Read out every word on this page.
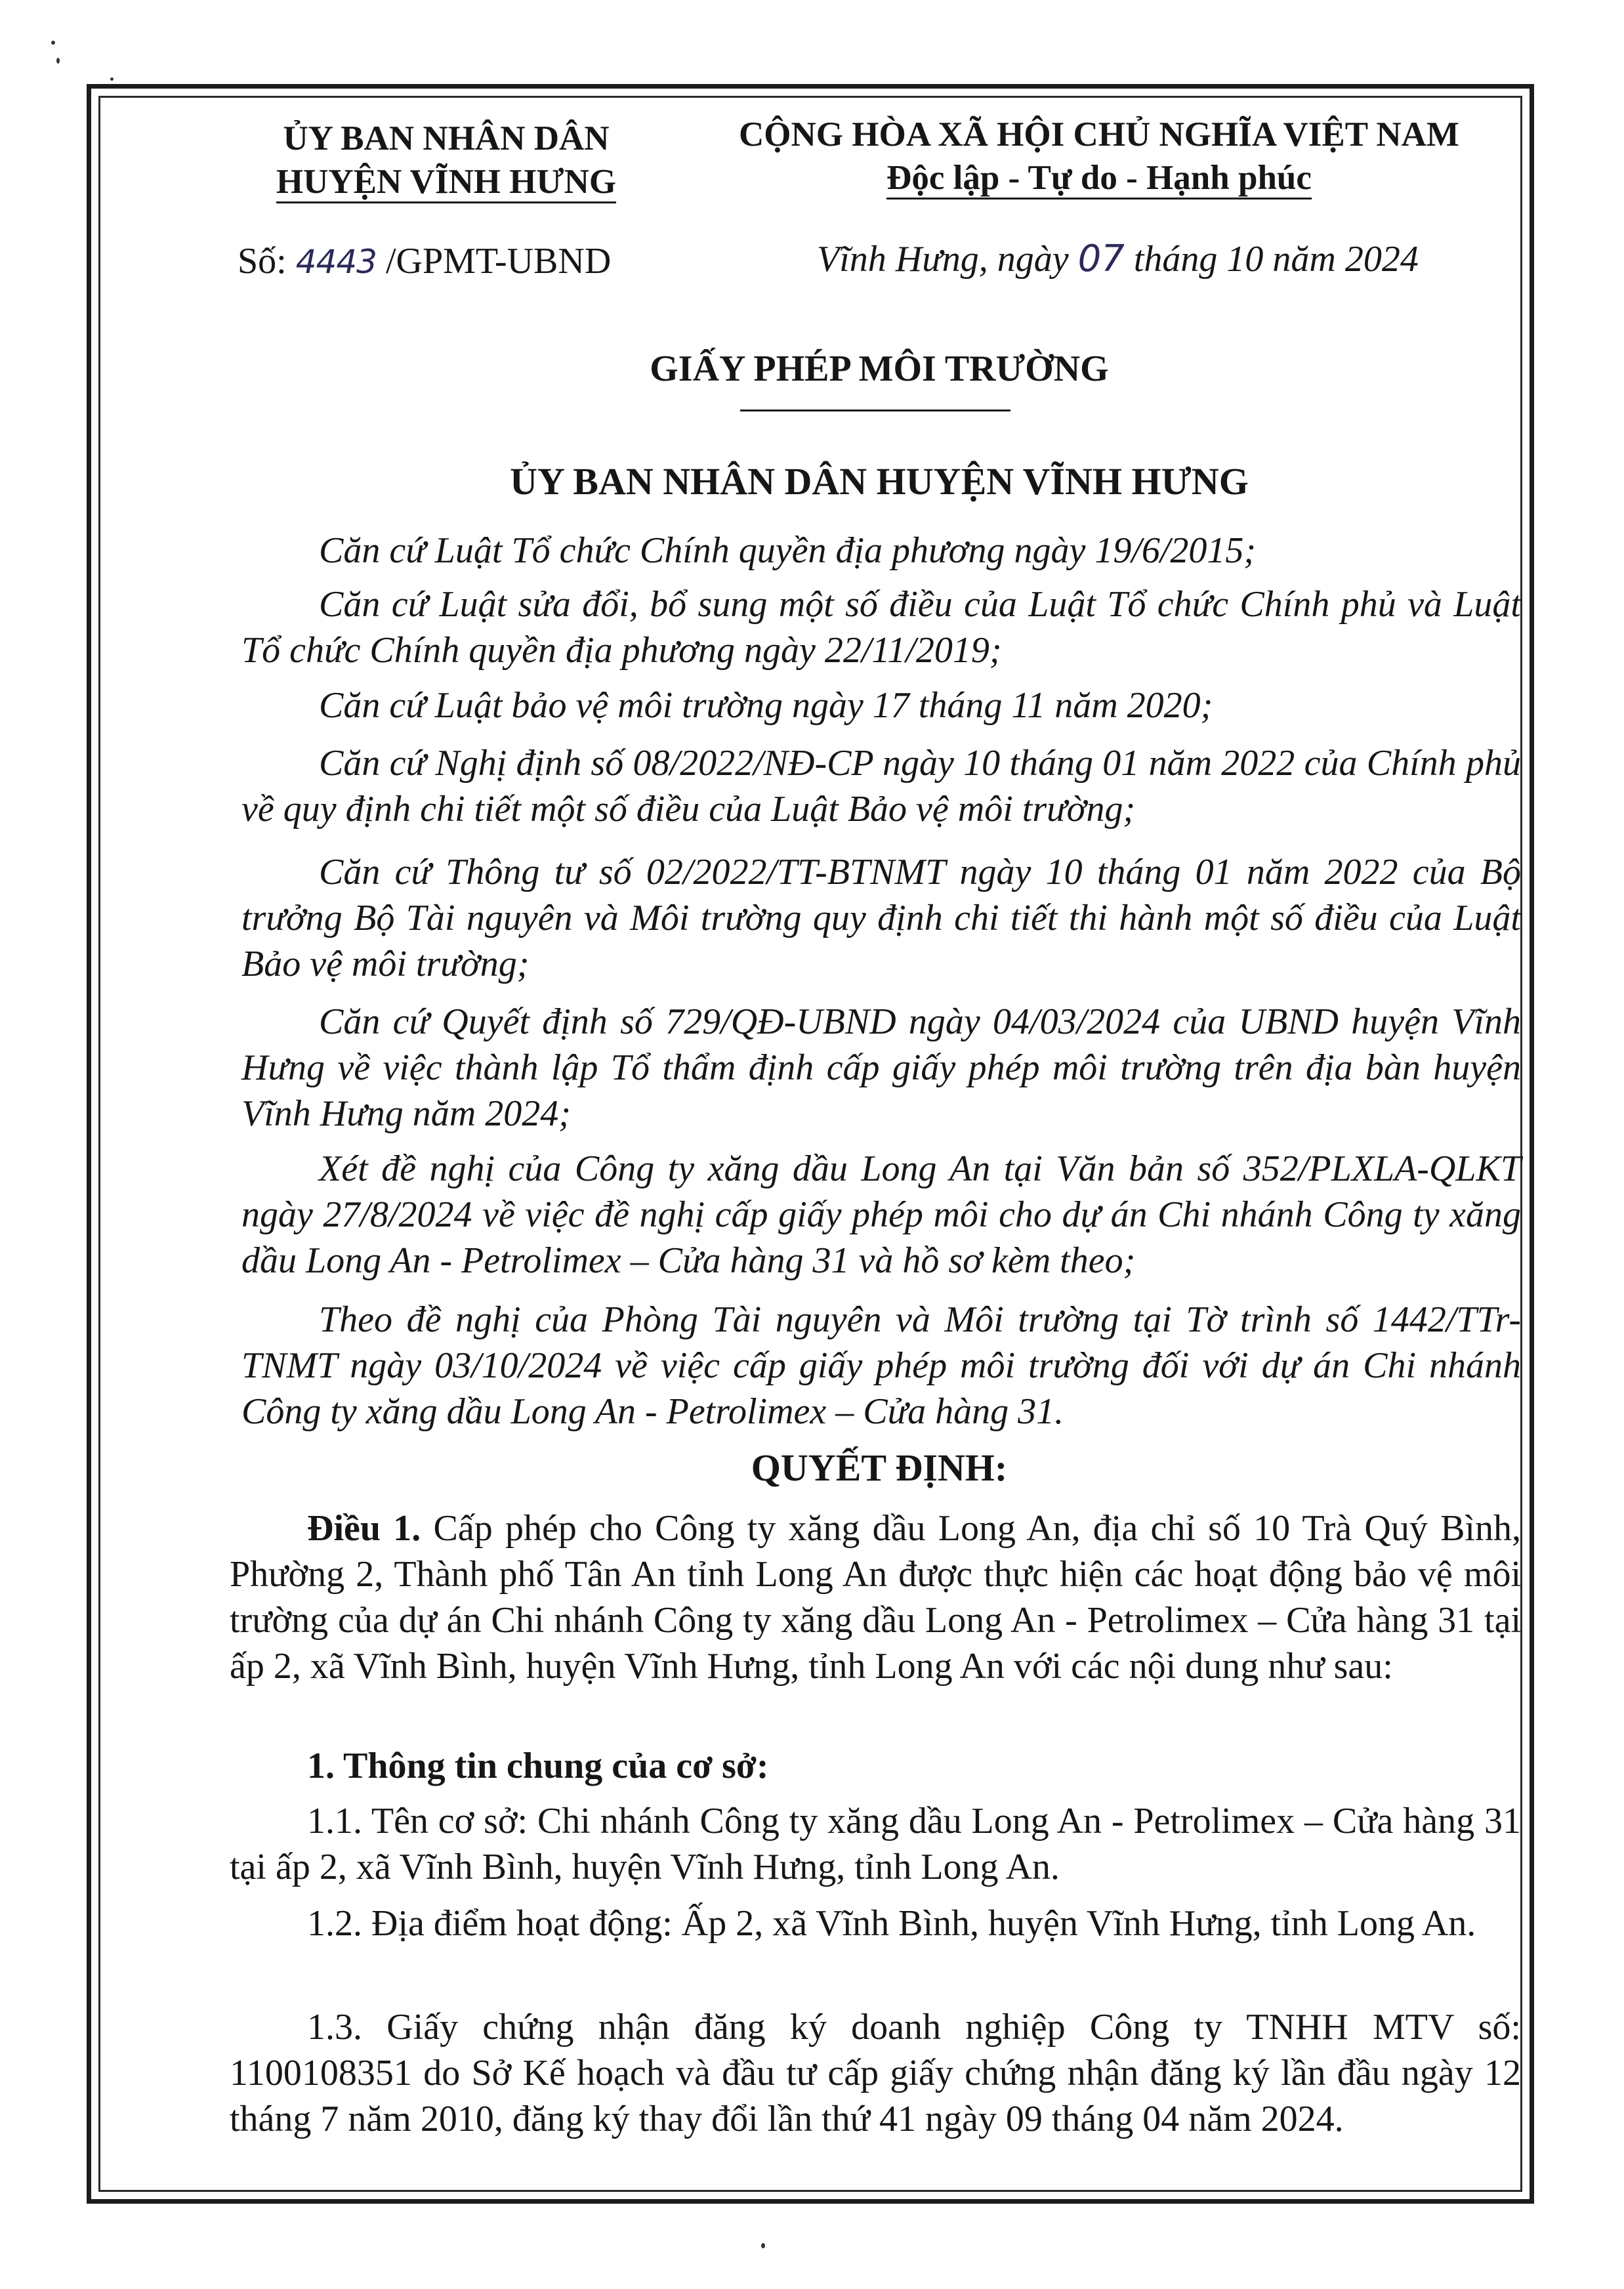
ỦY BAN NHÂN DÂN
HUYỆN VĨNH HƯNG
CỘNG HÒA XÃ HỘI CHỦ NGHĨA VIỆT NAM
Độc lập - Tự do - Hạnh phúc
Số: 4443 /GPMT-UBND	Vĩnh Hưng, ngày 07 tháng 10 năm 2024
GIẤY PHÉP MÔI TRƯỜNG
ỦY BAN NHÂN DÂN HUYỆN VĨNH HƯNG
Căn cứ Luật Tổ chức Chính quyền địa phương ngày 19/6/2015;
Căn cứ Luật sửa đổi, bổ sung một số điều của Luật Tổ chức Chính phủ và Luật Tổ chức Chính quyền địa phương ngày 22/11/2019;
Căn cứ Luật bảo vệ môi trường ngày 17 tháng 11 năm 2020;
Căn cứ Nghị định số 08/2022/NĐ-CP ngày 10 tháng 01 năm 2022 của Chính phủ về quy định chi tiết một số điều của Luật Bảo vệ môi trường;
Căn cứ Thông tư số 02/2022/TT-BTNMT ngày 10 tháng 01 năm 2022 của Bộ trưởng Bộ Tài nguyên và Môi trường quy định chi tiết thi hành một số điều của Luật Bảo vệ môi trường;
Căn cứ Quyết định số 729/QĐ-UBND ngày 04/03/2024 của UBND huyện Vĩnh Hưng về việc thành lập Tổ thẩm định cấp giấy phép môi trường trên địa bàn huyện Vĩnh Hưng năm 2024;
Xét đề nghị của Công ty xăng dầu Long An tại Văn bản số 352/PLXLA-QLKT ngày 27/8/2024 về việc đề nghị cấp giấy phép môi cho dự án Chi nhánh Công ty xăng dầu Long An - Petrolimex – Cửa hàng 31 và hồ sơ kèm theo;
Theo đề nghị của Phòng Tài nguyên và Môi trường tại Tờ trình số 1442/TTr-TNMT ngày 03/10/2024 về việc cấp giấy phép môi trường đối với dự án Chi nhánh Công ty xăng dầu Long An - Petrolimex – Cửa hàng 31.
QUYẾT ĐỊNH:
Điều 1. Cấp phép cho Công ty xăng dầu Long An, địa chỉ số 10 Trà Quý Bình, Phường 2, Thành phố Tân An tỉnh Long An được thực hiện các hoạt động bảo vệ môi trường của dự án Chi nhánh Công ty xăng dầu Long An - Petrolimex – Cửa hàng 31 tại ấp 2, xã Vĩnh Bình, huyện Vĩnh Hưng, tỉnh Long An với các nội dung như sau:
1. Thông tin chung của cơ sở:
1.1. Tên cơ sở: Chi nhánh Công ty xăng dầu Long An - Petrolimex – Cửa hàng 31 tại ấp 2, xã Vĩnh Bình, huyện Vĩnh Hưng, tỉnh Long An.
1.2. Địa điểm hoạt động: Ấp 2, xã Vĩnh Bình, huyện Vĩnh Hưng, tỉnh Long An.
1.3. Giấy chứng nhận đăng ký doanh nghiệp Công ty TNHH MTV số: 1100108351 do Sở Kế hoạch và đầu tư cấp giấy chứng nhận đăng ký lần đầu ngày 12 tháng 7 năm 2010, đăng ký thay đổi lần thứ 41 ngày 09 tháng 04 năm 2024.
